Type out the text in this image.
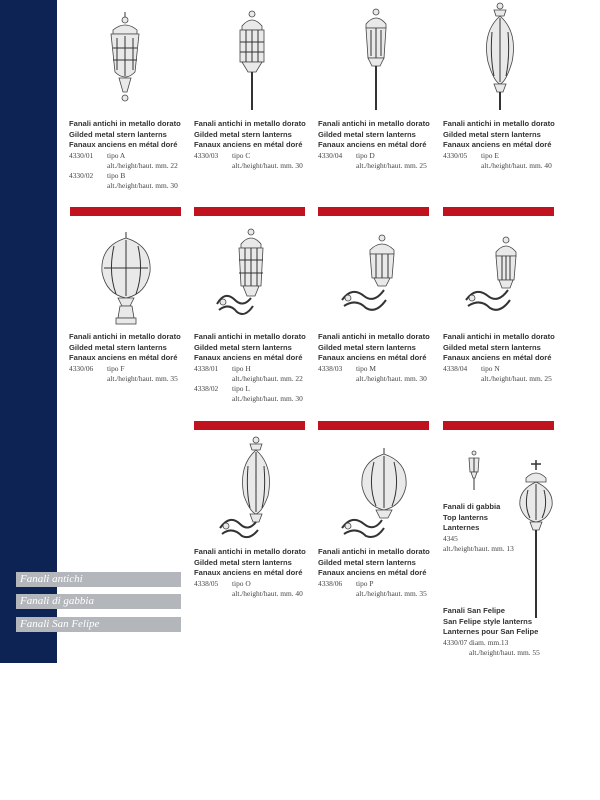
Fanali antichi
Fanali di gabbia
Fanali San Felipe
Fanali antichi in metallo dorato
Gilded metal stern lanterns
Fanaux anciens en métal doré
4330/01	tipo A
alt./height/haut. mm. 22
4330/02	tipo B
alt./height/haut. mm. 30
Fanali antichi in metallo dorato
Gilded metal stern lanterns
Fanaux anciens en métal doré
4330/03	tipo C
alt./height/haut. mm. 30
Fanali antichi in metallo dorato
Gilded metal stern lanterns
Fanaux anciens en métal doré
4330/04	tipo D
alt./height/haut. mm. 25
Fanali antichi in metallo dorato
Gilded metal stern lanterns
Fanaux anciens en métal doré
4330/05	tipo E
alt./height/haut. mm. 40
Fanali antichi in metallo dorato
Gilded metal stern lanterns
Fanaux anciens en métal doré
4330/06	tipo F
alt./height/haut. mm. 35
Fanali antichi in metallo dorato
Gilded metal stern lanterns
Fanaux anciens en métal doré
4338/01	tipo H
alt./height/haut. mm. 22
4338/02	tipo L
alt./height/haut. mm. 30
Fanali antichi in metallo dorato
Gilded metal stern lanterns
Fanaux anciens en métal doré
4338/03	tipo M
alt./height/haut. mm. 30
Fanali antichi in metallo dorato
Gilded metal stern lanterns
Fanaux anciens en métal doré
4338/04	tipo N
alt./height/haut. mm. 25
Fanali antichi in metallo dorato
Gilded metal stern lanterns
Fanaux anciens en métal doré
4338/05	tipo O
alt./height/haut. mm. 40
Fanali antichi in metallo dorato
Gilded metal stern lanterns
Fanaux anciens en métal doré
4338/06	tipo P
alt./height/haut. mm. 35
Fanali di gabbia
Top lanterns
Lanternes
4345
alt./height/haut. mm. 13
Fanali San Felipe
San Felipe style lanterns
Lanternes pour San Felipe
4330/07
diam. mm.13
alt./height/haut. mm. 55
